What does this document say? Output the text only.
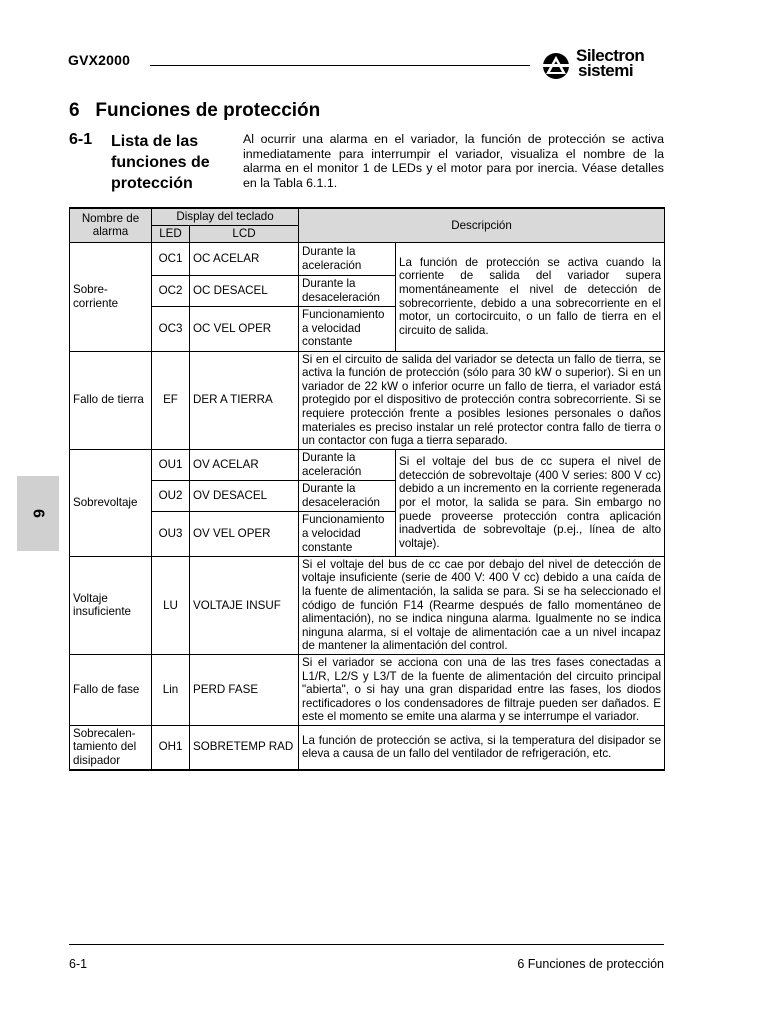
GVX2000	Silectron
sistemi
6   Funciones de protección
6-1 Lista de las funciones de protección
Al ocurrir una alarma en el variador, la función de protección se activa inmediatamente para interrumpir el variador, visualiza el nombre de la alarma en el monitor 1 de LEDs y el motor para por inercia. Véase detalles en la Tabla 6.1.1.
6
Nombre de alarma	Display del teclado		Descripción	
	LED	LCD		
Sobre-corriente	OC1	OC ACELAR	Durante la aceleración	La función de protección se activa cuando la corriente de salida del variador supera momentáneamente el nivel de detección de sobrecorriente, debido a una sobrecorriente en el motor, un cortocircuito, o un fallo de tierra en el circuito de salida.
	OC2	OC DESACEL	Durante la desaceleración	
	OC3	OC VEL OPER	Funcionamiento a velocidad constante	
Fallo de tierra	EF	DER A TIERRA	Si en el circuito de salida del variador se detecta un fallo de tierra, se activa la función de protección (sólo para 30 kW o superior). Si en un variador de 22 kW o inferior ocurre un fallo de tierra, el variador está protegido por el dispositivo de protección contra sobrecorriente. Si se requiere protección frente a posibles lesiones personales o daños materiales es preciso instalar un relé protector contra fallo de tierra o un contactor con fuga a tierra separado.	
Sobrevoltaje	OU1	OV ACELAR	Durante la aceleración	Si el voltaje del bus de cc supera el nivel de detección de sobrevoltaje (400 V series: 800 V cc) debido a un incremento en la corriente regenerada por el motor, la salida se para. Sin embargo no puede proveerse protección contra aplicación inadvertida de sobrevoltaje (p.ej., línea de alto voltaje).
	OU2	OV DESACEL	Durante la desaceleración	
	OU3	OV VEL OPER	Funcionamiento a velocidad constante	
Voltaje insuficiente	LU	VOLTAJE INSUF	Si el voltaje del bus de cc cae por debajo del nivel de detección de voltaje insuficiente (serie de 400 V: 400 V cc) debido a una caída de la fuente de alimentación, la salida se para. Si se ha seleccionado el código de función F14 (Rearme después de fallo momentáneo de alimentación), no se indica ninguna alarma. Igualmente no se indica ninguna alarma, si el voltaje de alimentación cae a un nivel incapaz de mantener la alimentación del control.	
Fallo de fase	Lin	PERD FASE	Si el variador se acciona con una de las tres fases conectadas a L1/R, L2/S y L3/T de la fuente de alimentación del circuito principal "abierta", o si hay una gran disparidad entre las fases, los diodos rectificadores o los condensadores de filtraje pueden ser dañados. E este el momento se emite una alarma y se interrumpe el variador.	
Sobrecalen-tamiento del disipador	OH1	SOBRETEMP RAD	La función de protección se activa, si la temperatura del disipador se eleva a causa de un fallo del ventilador de refrigeración, etc.	
6-1	6 Funciones de protección
